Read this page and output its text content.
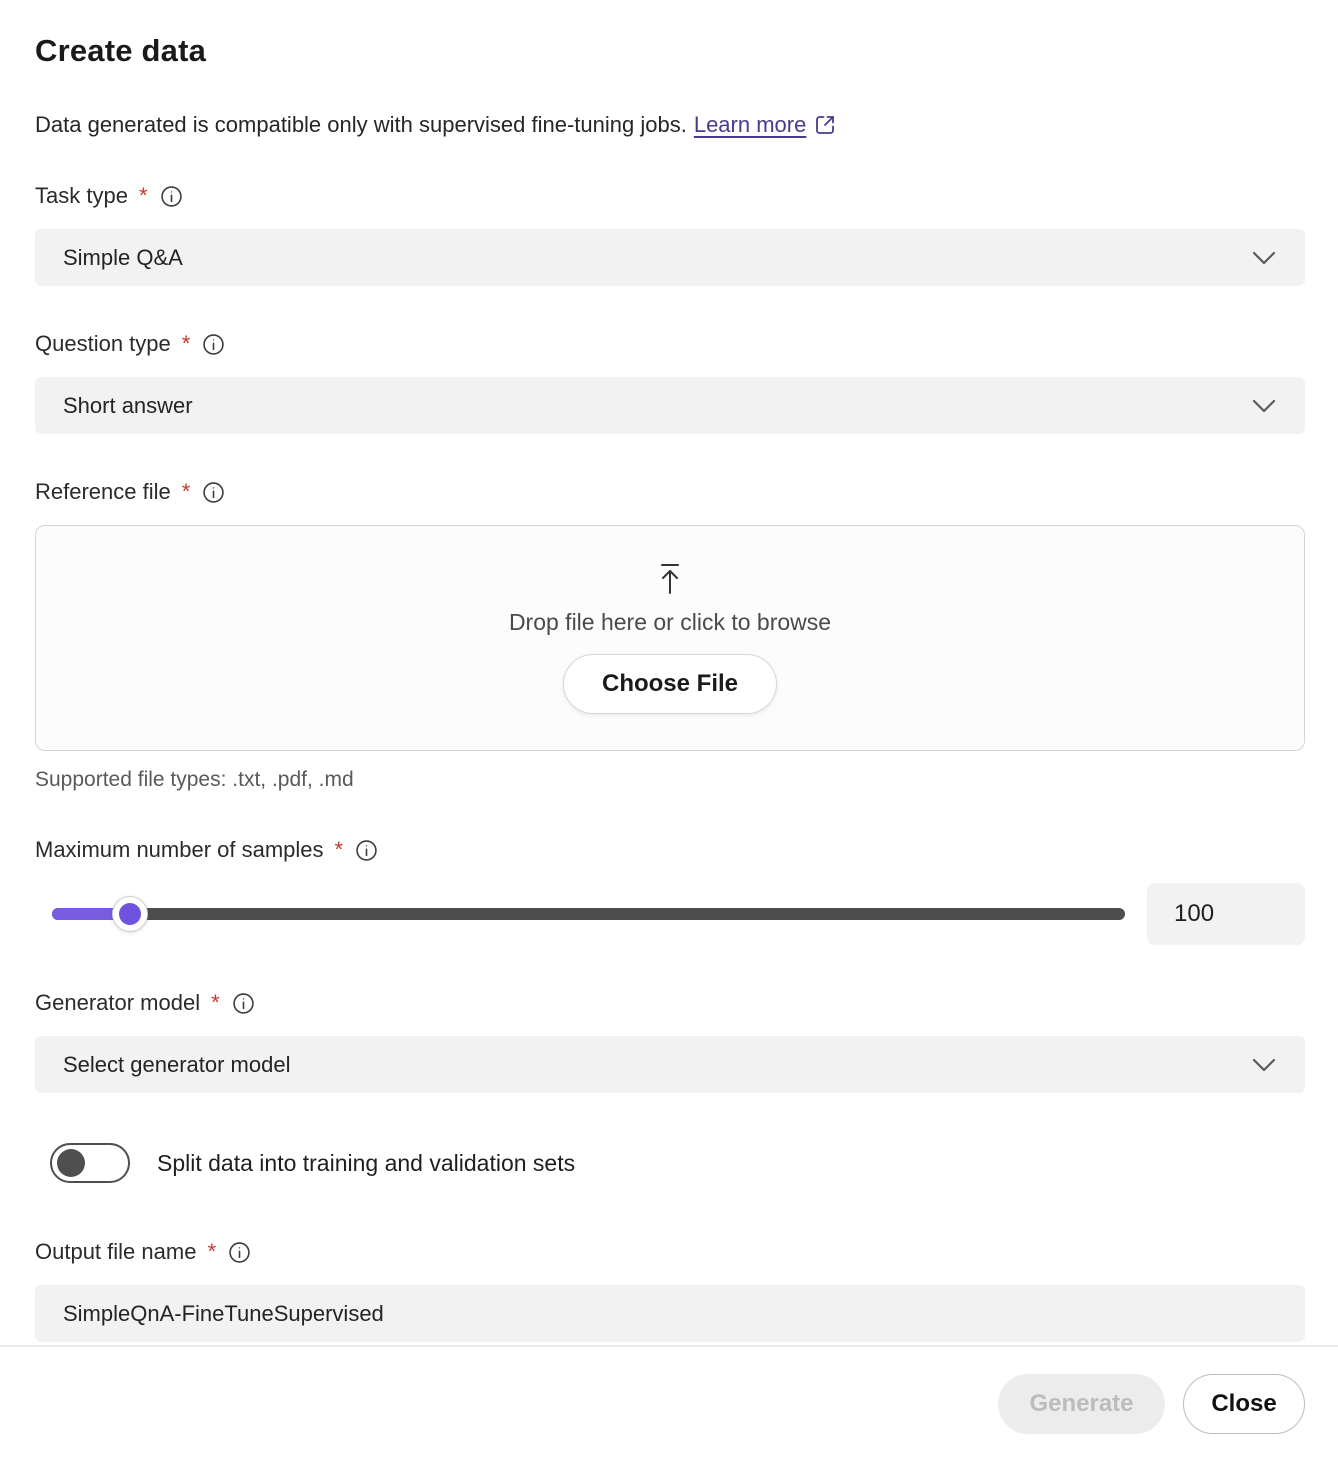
Create data
Data generated is compatible only with supervised fine-tuning jobs. Learn more
Task type *
Simple Q&A
Question type *
Short answer
Reference file *
Drop file here or click to browse
Choose File
Supported file types: .txt, .pdf, .md
Maximum number of samples *
100
Generator model *
Select generator model
Split data into training and validation sets
Output file name *
SimpleQnA-FineTuneSupervised
Generate	Close
